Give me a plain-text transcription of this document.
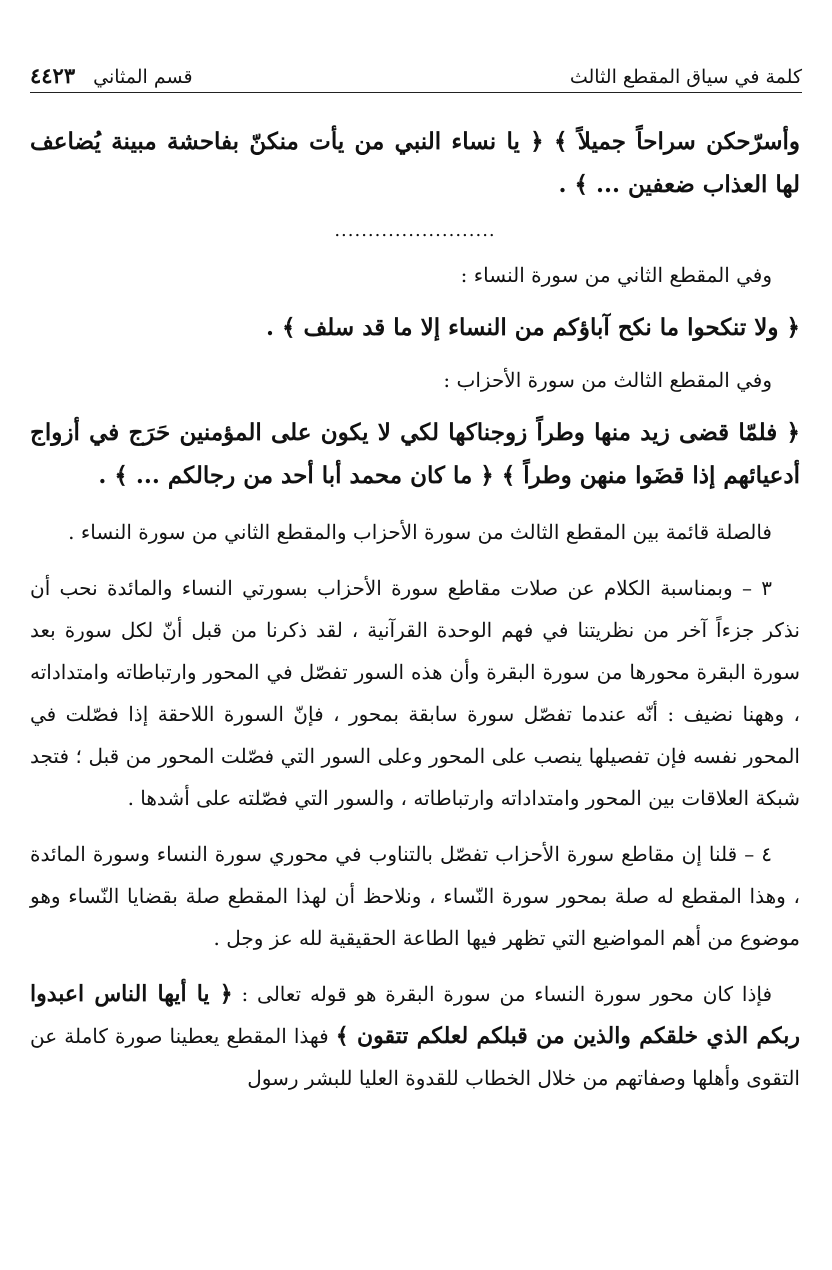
كلمة في سياق المقطع الثالث
قسم المثاني
٤٤٢٣

وأسرّحكن سراحاً جميلاً ﴾ ﴿ يا نساء النبي من يأت منكنّ بفاحشة مبينة يُضاعف لها العذاب ضعفين ... ﴾ .

........................

وفي المقطع الثاني من سورة النساء :

﴿ ولا تنكحوا ما نكح آباؤكم من النساء إلا ما قد سلف ﴾ .

وفي المقطع الثالث من سورة الأحزاب :

﴿ فلمّا قضى زيد منها وطراً زوجناكها لكي لا يكون على المؤمنين حَرَج في أزواج أدعيائهم إذا قضَوا منهن وطراً ﴾ ﴿ ما كان محمد أبا أحد من رجالكم ... ﴾ .

فالصلة قائمة بين المقطع الثالث من سورة الأحزاب والمقطع الثاني من سورة النساء .

٣ – وبمناسبة الكلام عن صلات مقاطع سورة الأحزاب بسورتي النساء والمائدة نحب أن نذكر جزءاً آخر من نظريتنا في فهم الوحدة القرآنية ، لقد ذكرنا من قبل أنّ لكل سورة بعد سورة البقرة محورها من سورة البقرة وأن هذه السور تفصّل في المحور وارتباطاته وامتداداته ، وههنا نضيف : أنّه عندما تفصّل سورة سابقة بمحور ، فإنّ السورة اللاحقة إذا فصّلت في المحور نفسه فإن تفصيلها ينصب على المحور وعلى السور التي فصّلت المحور من قبل ؛ فتجد شبكة العلاقات بين المحور وامتداداته وارتباطاته ، والسور التي فصّلته على أشدها .

٤ – قلنا إن مقاطع سورة الأحزاب تفصّل بالتناوب في محوري سورة النساء وسورة المائدة ، وهذا المقطع له صلة بمحور سورة النّساء ، ونلاحظ أن لهذا المقطع صلة بقضايا النّساء وهو موضوع من أهم المواضيع التي تظهر فيها الطاعة الحقيقية لله عز وجل .

فإذا كان محور سورة النساء من سورة البقرة هو قوله تعالى : ﴿ يا أيها الناس اعبدوا ربكم الذي خلقكم والذين من قبلكم لعلكم تتقون ﴾ فهذا المقطع يعطينا صورة كاملة عن التقوى وأهلها وصفاتهم من خلال الخطاب للقدوة العليا للبشر رسول
